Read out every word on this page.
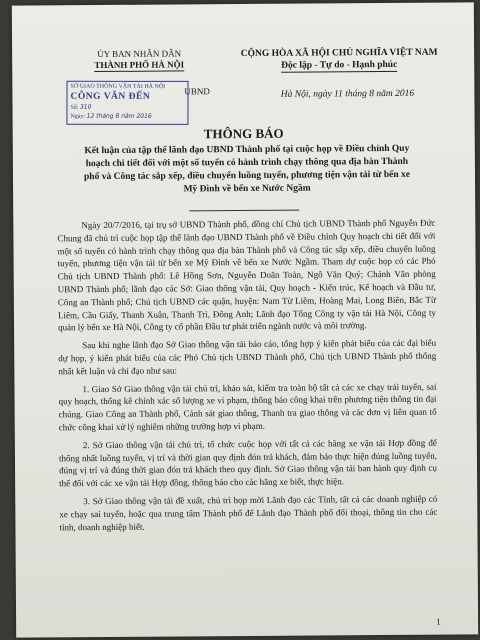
ỦY BAN NHÂN DÂN
THÀNH PHỐ HÀ NỘI
CỘNG HÒA XÃ HỘI CHỦ NGHĨA VIỆT NAM
Độc lập - Tự do - Hạnh phúc
SỞ GIAO THÔNG VẬN TẢI HÀ NỘI
CÔNG VĂN ĐẾN
Số: 310
Ngày: 12 tháng 8 năm 2016
UBND	Hà Nội, ngày 11 tháng 8 năm 2016
THÔNG BÁO
Kết luận của tập thể lãnh đạo UBND Thành phố tại cuộc họp về Điều chỉnh Quy hoạch chi tiết đối với một số tuyến có hành trình chạy thông qua địa bàn Thành phố và Công tác sắp xếp, điều chuyển luồng tuyến, phương tiện vận tải từ bến xe Mỹ Đình về bến xe Nước Ngầm

Ngày 20/7/2016, tại trụ sở UBND Thành phố, đồng chí Chủ tịch UBND Thành phố Nguyễn Đức Chung đã chủ trì cuộc họp tập thể lãnh đạo UBND Thành phố về Điều chỉnh Quy hoạch chi tiết đối với một số tuyến có hành trình chạy thông qua địa bàn Thành phố và Công tác sắp xếp, điều chuyển luồng tuyến, phương tiện vận tải từ bến xe Mỹ Đình về bến xe Nước Ngầm. Tham dự cuộc họp có các Phó Chủ tịch UBND Thành phố: Lê Hồng Sơn, Nguyễn Doãn Toản, Ngô Văn Quý; Chánh Văn phòng UBND Thành phố; lãnh đạo các Sở: Giao thông vận tải, Quy hoạch - Kiến trúc, Kế hoạch và Đầu tư, Công an Thành phố; Chủ tịch UBND các quận, huyện: Nam Từ Liêm, Hoàng Mai, Long Biên, Bắc Từ Liêm, Cầu Giấy, Thanh Xuân, Thanh Trì, Đông Anh; Lãnh đạo Tổng Công ty vận tải Hà Nội, Công ty quản lý bến xe Hà Nội, Công ty cổ phần Đầu tư phát triển ngành nước và môi trường.

Sau khi nghe lãnh đạo Sở Giao thông vận tải báo cáo, tổng hợp ý kiến phát biểu của các đại biểu dự họp, ý kiến phát biểu của các Phó Chủ tịch UBND Thành phố, Chủ tịch UBND Thành phố thống nhất kết luận và chỉ đạo như sau:

1. Giao Sở Giao thông vận tải chủ trì, khảo sát, kiểm tra toàn bộ tất cả các xe chạy trái tuyến, sai quy hoạch, thống kê chính xác số lượng xe vi phạm, thông báo công khai trên phương tiện thông tin đại chúng. Giao Công an Thành phố, Cảnh sát giao thông, Thanh tra giao thông và các đơn vị liên quan tổ chức công khai xử lý nghiêm những trường hợp vi phạm.

2. Sở Giao thông vận tải chủ trì, tổ chức cuộc họp với tất cả các hãng xe vận tải Hợp đồng để thống nhất luồng tuyến, vị trí và thời gian quy định đón trả khách, đảm bảo thực hiện đúng luồng tuyến, đúng vị trí và đúng thời gian đón trả khách theo quy định. Sở Giao thông vận tải ban hành quy định cụ thể đối với các xe vận tải Hợp đồng, thông báo cho các hãng xe biết, thực hiện.

3. Sở Giao thông vận tải đề xuất, chủ trì họp mời Lãnh đạo các Tỉnh, tất cả các doanh nghiệp có xe chạy sai tuyến, hoặc qua trung tâm Thành phố để Lãnh đạo Thành phố đối thoại, thông tin cho các tỉnh, doanh nghiệp biết.

1
